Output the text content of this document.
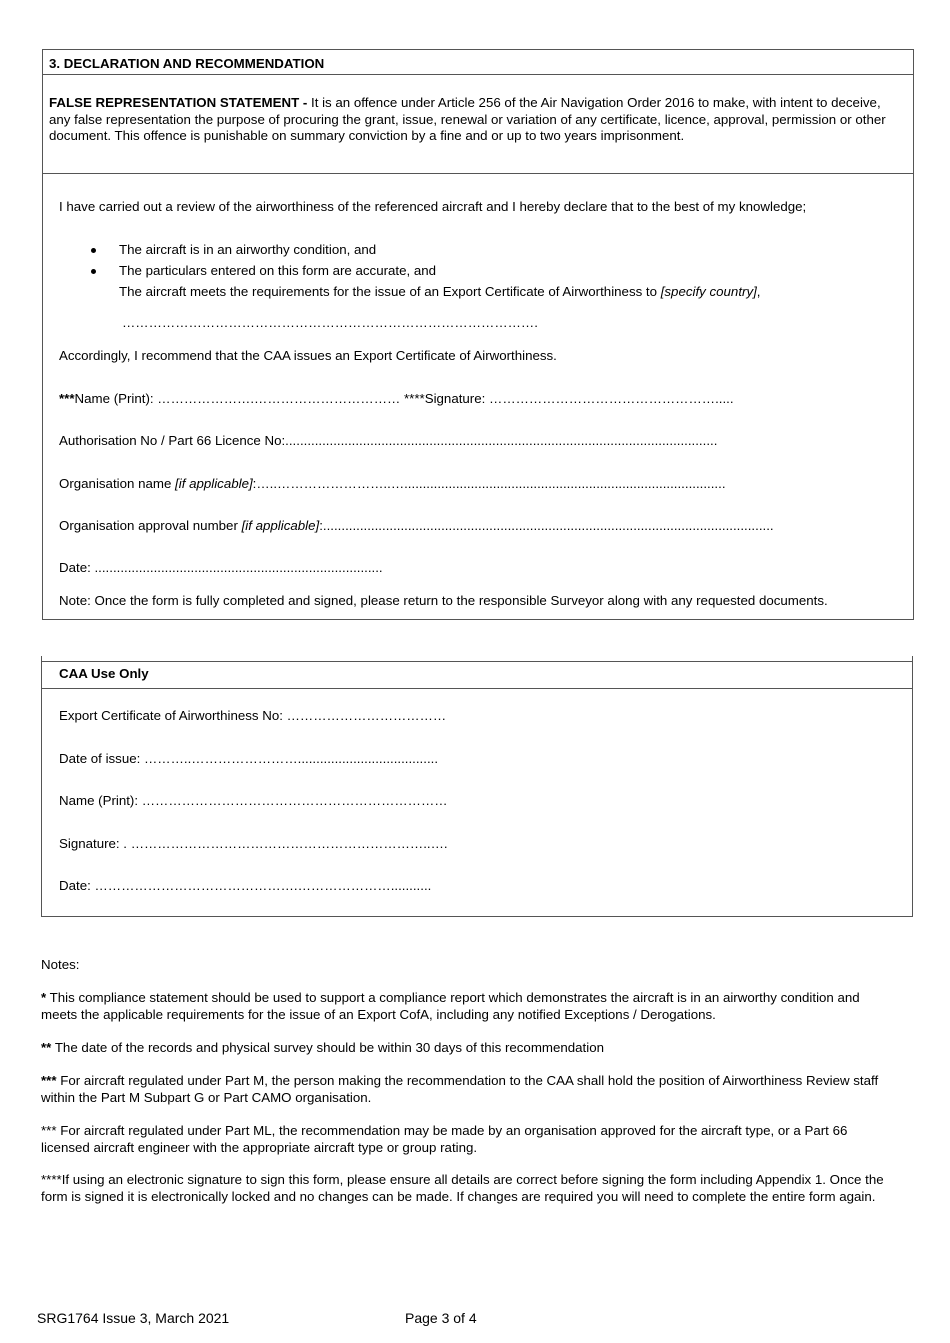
3. DECLARATION AND RECOMMENDATION
FALSE REPRESENTATION STATEMENT - It is an offence under Article 256 of the Air Navigation Order 2016 to make, with intent to deceive, any false representation the purpose of procuring the grant, issue, renewal or variation of any certificate, licence, approval, permission or other document. This offence is punishable on summary conviction by a fine and or up to two years imprisonment.
I have carried out a review of the airworthiness of the referenced aircraft and I hereby declare that to the best of my knowledge;
The aircraft is in an airworthy condition, and
The particulars entered on this form are accurate, and
The aircraft meets the requirements for the issue of an Export Certificate of Airworthiness to [specify country],
………………………………………………………………………………….
Accordingly, I recommend that the CAA issues an Export Certificate of Airworthiness.
***Name (Print): ………………….…………………………… ****Signature: …………………………………………….....
Authorisation No / Part 66 Licence No:.....................................................................................................................
Organisation name [if applicable]:…..……………………..….......................................................................................
Organisation approval number [if applicable]:..........................................................................................................................
Date: ..............................................................................
Note: Once the form is fully completed and signed, please return to the responsible Surveyor along with any requested documents.
CAA Use Only
Export Certificate of Airworthiness No: ………………………………
Date of issue: ………..……………………......................................
Name (Print): ……………………………………………………………
Signature: . …………………………………………………………..….
Date: ……………………………………….…………………...........
Notes:
* This compliance statement should be used to support a compliance report which demonstrates the aircraft is in an airworthy condition and meets the applicable requirements for the issue of an Export CofA, including any notified Exceptions / Derogations.
** The date of the records and physical survey should be within 30 days of this recommendation
*** For aircraft regulated under Part M, the person making the recommendation to the CAA shall hold the position of Airworthiness Review staff within the Part M Subpart G or Part CAMO organisation.
*** For aircraft regulated under Part ML, the recommendation may be made by an organisation approved for the aircraft type, or a Part 66 licensed aircraft engineer with the appropriate aircraft type or group rating.
****If using an electronic signature to sign this form, please ensure all details are correct before signing the form including Appendix 1. Once the form is signed it is electronically locked and no changes can be made. If changes are required you will need to complete the entire form again.
SRG1764 Issue 3, March 2021	Page 3 of 4
